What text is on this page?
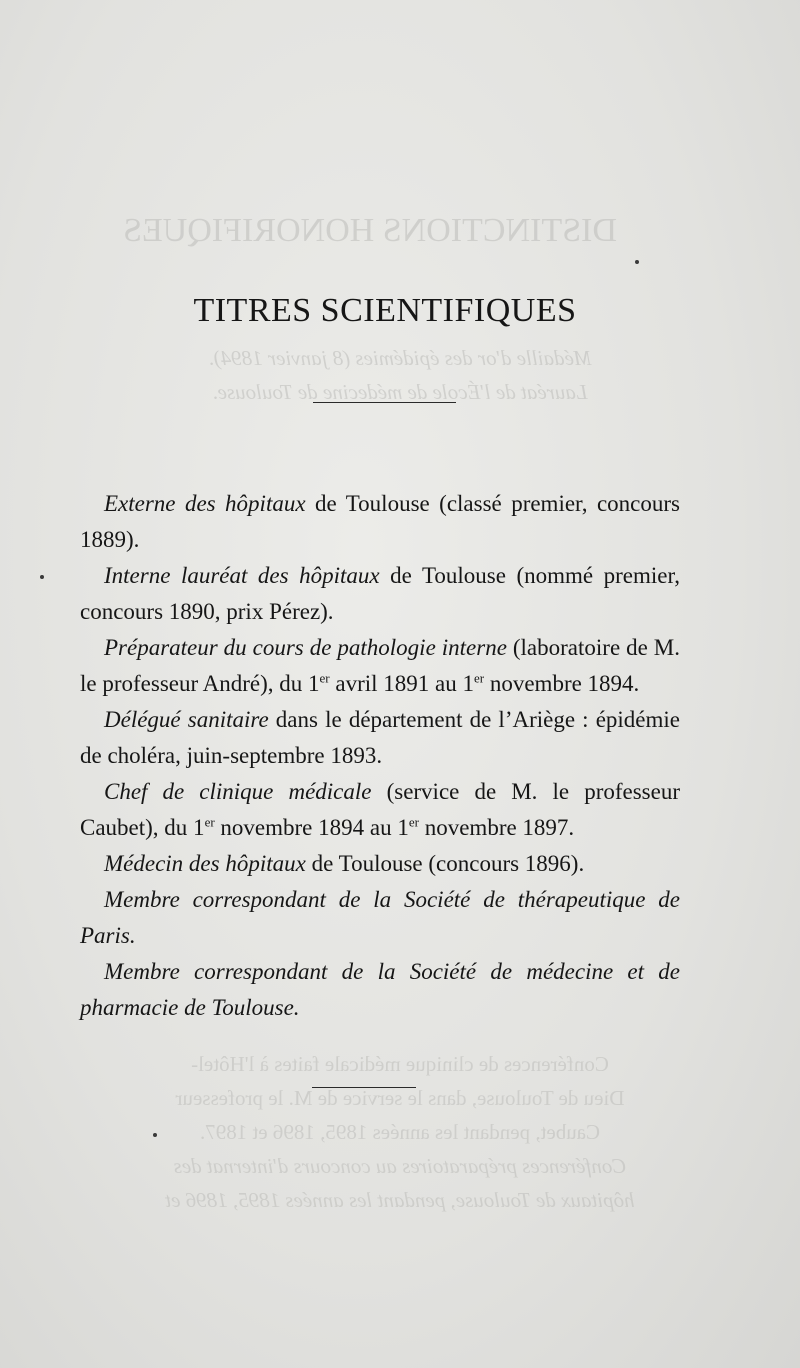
DISTINCTIONS HONORIFIQUES
Médaille d'or des épidémies (8 janvier 1894).
Lauréat de l'École de médecine de Toulouse.
Conférences de clinique médicale faites à l'Hôtel-
Dieu de Toulouse, dans le service de M. le professeur
Caubet, pendant les années 1895, 1896 et 1897.
Conférences préparatoires au concours d'internat des
hôpitaux de Toulouse, pendant les années 1895, 1896 et
TITRES SCIENTIFIQUES

Externe des hôpitaux de Toulouse (classé premier, concours 1889).

Interne lauréat des hôpitaux de Toulouse (nommé premier, concours 1890, prix Pérez).

Préparateur du cours de pathologie interne (laboratoire de M. le professeur André), du 1er avril 1891 au 1er novembre 1894.

Délégué sanitaire dans le département de l’Ariège : épidémie de choléra, juin-septembre 1893.

Chef de clinique médicale (service de M. le professeur Caubet), du 1er novembre 1894 au 1er novembre 1897.

Médecin des hôpitaux de Toulouse (concours 1896).

Membre correspondant de la Société de thérapeutique de Paris.

Membre correspondant de la Société de médecine et de pharmacie de Toulouse.
